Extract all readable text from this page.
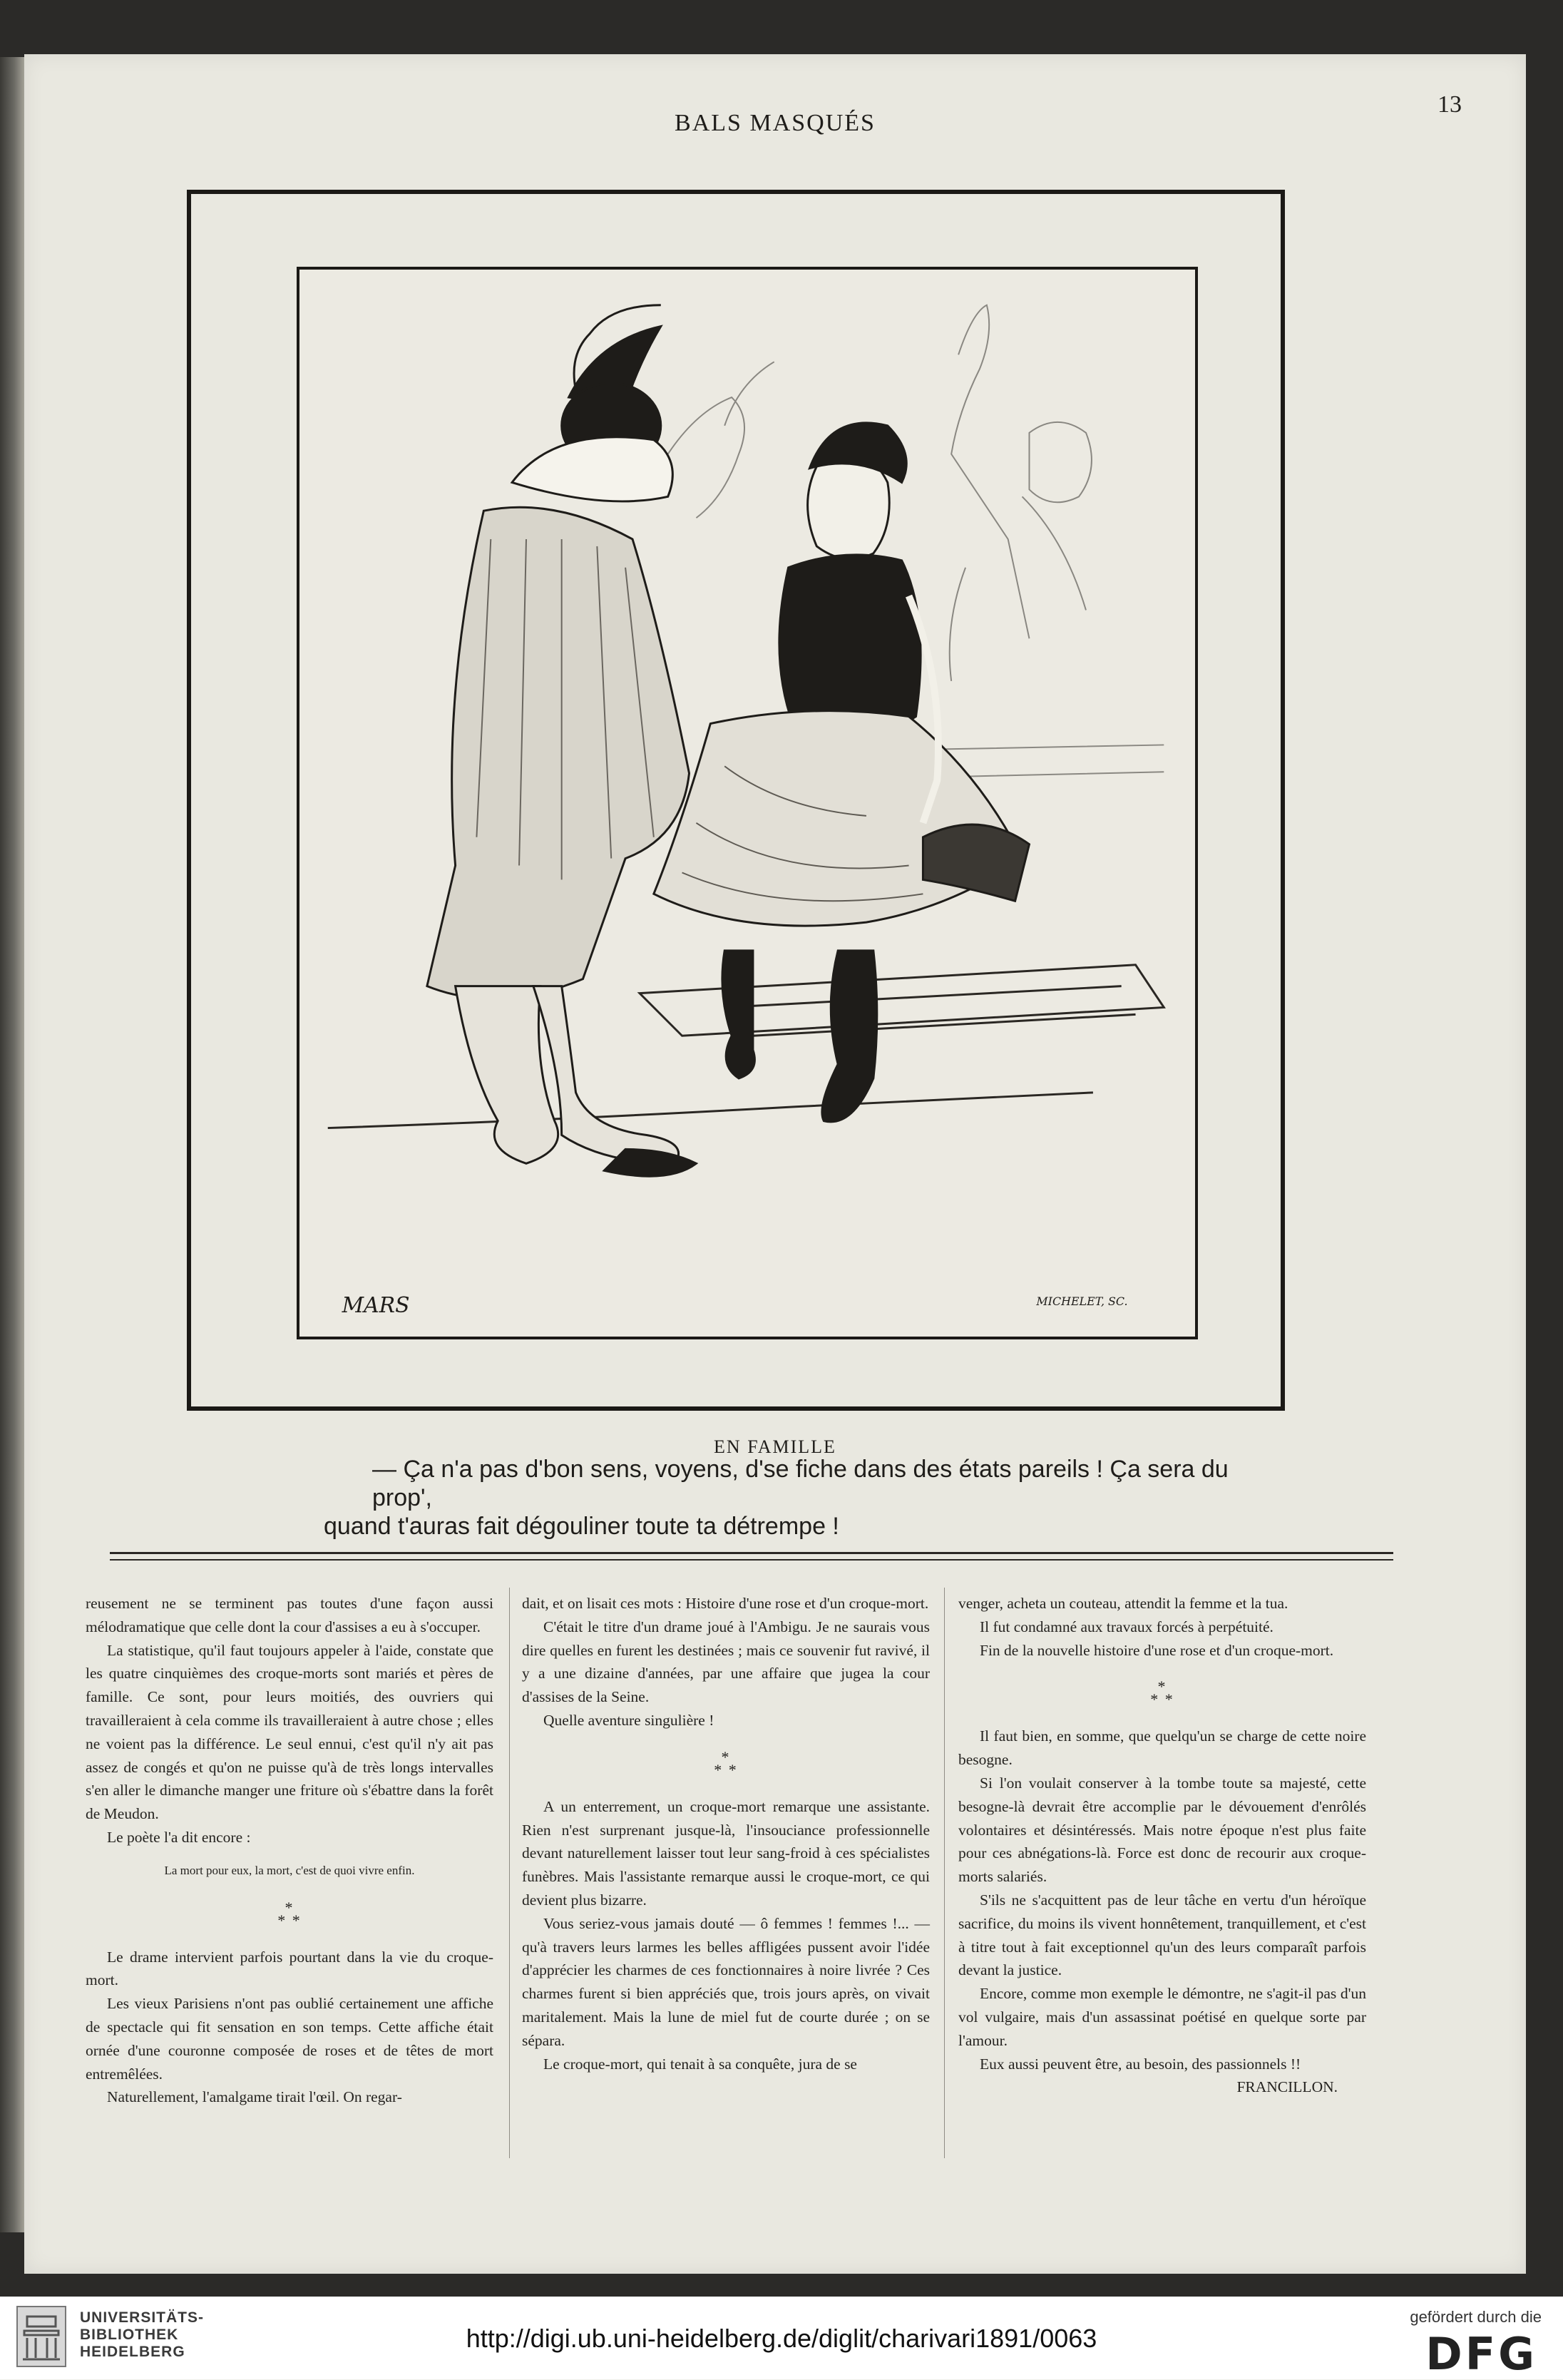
BALS MASQUÉS
13
MARS	MICHELET, SC.
EN FAMILLE
— Ça n'a pas d'bon sens, voyens, d'se fiche dans des états pareils ! Ça sera du prop',
quand t'auras fait dégouliner toute ta détrempe !

reusement ne se terminent pas toutes d'une façon aussi mélodramatique que celle dont la cour d'assises a eu à s'occuper.

La statistique, qu'il faut toujours appeler à l'aide, constate que les quatre cinquièmes des croque-morts sont mariés et pères de famille. Ce sont, pour leurs moitiés, des ouvriers qui travailleraient à cela comme ils travailleraient à autre chose ; elles ne voient pas la différence. Le seul ennui, c'est qu'il n'y ait pas assez de congés et qu'on ne puisse qu'à de très longs intervalles s'en aller le dimanche manger une friture où s'ébattre dans la forêt de Meudon.

Le poète l'a dit encore :

La mort pour eux, la mort, c'est de quoi vivre enfin.

*
* *

Le drame intervient parfois pourtant dans la vie du croque-mort.

Les vieux Parisiens n'ont pas oublié certainement une affiche de spectacle qui fit sensation en son temps. Cette affiche était ornée d'une couronne composée de roses et de têtes de mort entremêlées.

Naturellement, l'amalgame tirait l'œil. On regar-

dait, et on lisait ces mots : Histoire d'une rose et d'un croque-mort.

C'était le titre d'un drame joué à l'Ambigu. Je ne saurais vous dire quelles en furent les destinées ; mais ce souvenir fut ravivé, il y a une dizaine d'années, par une affaire que jugea la cour d'assises de la Seine.

Quelle aventure singulière !

*
* *

A un enterrement, un croque-mort remarque une assistante. Rien n'est surprenant jusque-là, l'insouciance professionnelle devant naturellement laisser tout leur sang-froid à ces spécialistes funèbres. Mais l'assistante remarque aussi le croque-mort, ce qui devient plus bizarre.

Vous seriez-vous jamais douté — ô femmes ! femmes !... — qu'à travers leurs larmes les belles affligées pussent avoir l'idée d'apprécier les charmes de ces fonctionnaires à noire livrée ? Ces charmes furent si bien appréciés que, trois jours après, on vivait maritalement. Mais la lune de miel fut de courte durée ; on se sépara.

Le croque-mort, qui tenait à sa conquête, jura de se

venger, acheta un couteau, attendit la femme et la tua.

Il fut condamné aux travaux forcés à perpétuité.

Fin de la nouvelle histoire d'une rose et d'un croque-mort.

*
* *

Il faut bien, en somme, que quelqu'un se charge de cette noire besogne.

Si l'on voulait conserver à la tombe toute sa majesté, cette besogne-là devrait être accomplie par le dévouement d'enrôlés volontaires et désintéressés. Mais notre époque n'est plus faite pour ces abnégations-là. Force est donc de recourir aux croque-morts salariés.

S'ils ne s'acquittent pas de leur tâche en vertu d'un héroïque sacrifice, du moins ils vivent honnêtement, tranquillement, et c'est à titre tout à fait exceptionnel qu'un des leurs comparaît parfois devant la justice.

Encore, comme mon exemple le démontre, ne s'agit-il pas d'un vol vulgaire, mais d'un assassinat poétisé en quelque sorte par l'amour.

Eux aussi peuvent être, au besoin, des passionnels !!

FRANCILLON.

UNIVERSITÄTS-
BIBLIOTHEK
HEIDELBERG	http://digi.ub.uni-heidelberg.de/diglit/charivari1891/0063
gefördert durch die
DFG
